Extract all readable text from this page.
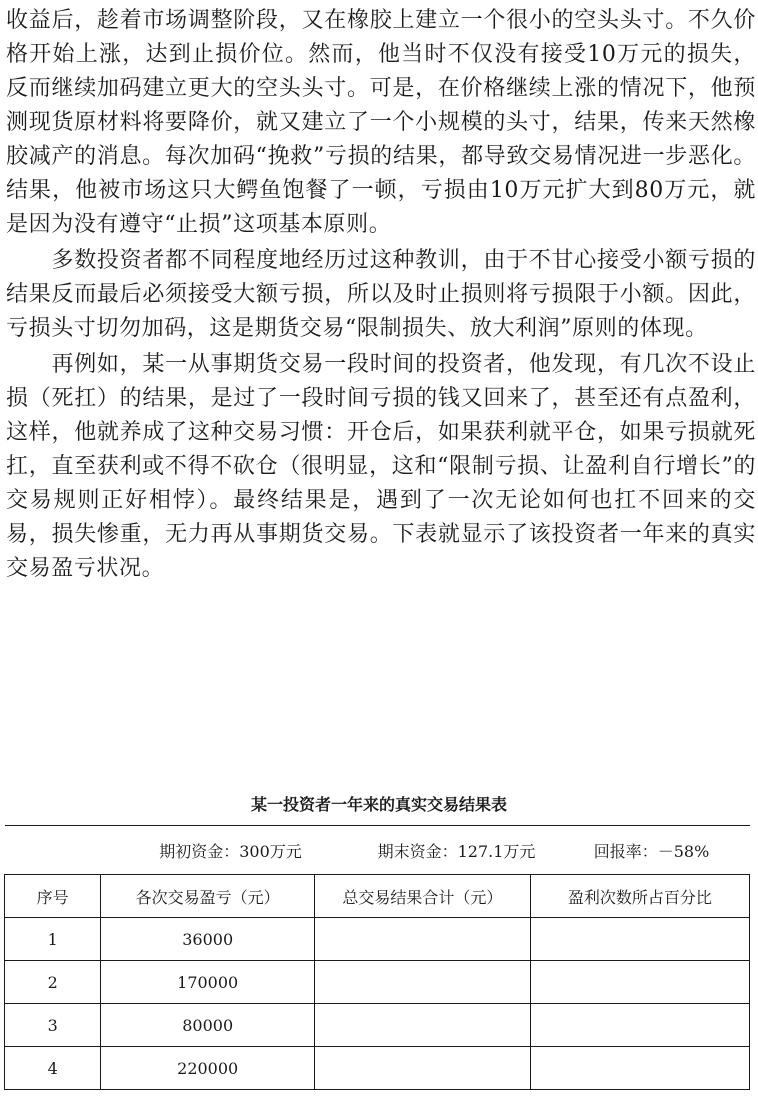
收益后，趁着市场调整阶段，又在橡胶上建立一个很小的空头头寸。不久价格开始上涨，达到止损价位。然而，他当时不仅没有接受10万元的损失，反而继续加码建立更大的空头头寸。可是，在价格继续上涨的情况下，他预测现货原材料将要降价，就又建立了一个小规模的头寸，结果，传来天然橡胶减产的消息。每次加码“挽救”亏损的结果，都导致交易情况进一步恶化。结果，他被市场这只大鳄鱼饱餐了一顿，亏损由10万元扩大到80万元，就是因为没有遵守“止损”这项基本原则。

　　多数投资者都不同程度地经历过这种教训，由于不甘心接受小额亏损的结果反而最后必须接受大额亏损，所以及时止损则将亏损限于小额。因此，亏损头寸切勿加码，这是期货交易“限制损失、放大利润”原则的体现。

　　再例如，某一从事期货交易一段时间的投资者，他发现，有几次不设止损（死扛）的结果，是过了一段时间亏损的钱又回来了，甚至还有点盈利，这样，他就养成了这种交易习惯：开仓后，如果获利就平仓，如果亏损就死扛，直至获利或不得不砍仓（很明显，这和“限制亏损、让盈利自行增长”的交易规则正好相悖）。最终结果是，遇到了一次无论如何也扛不回来的交易，损失惨重，无力再从事期货交易。下表就显示了该投资者一年来的真实交易盈亏状况。

某一投资者一年来的真实交易结果表
期初资金：300万元 期末资金：127.1万元 回报率：－58%			

序号	各次交易盈亏（元）	总交易结果合计（元）	盈利次数所占百分比
1	36000		
2	170000		
3	80000		
4	220000		
